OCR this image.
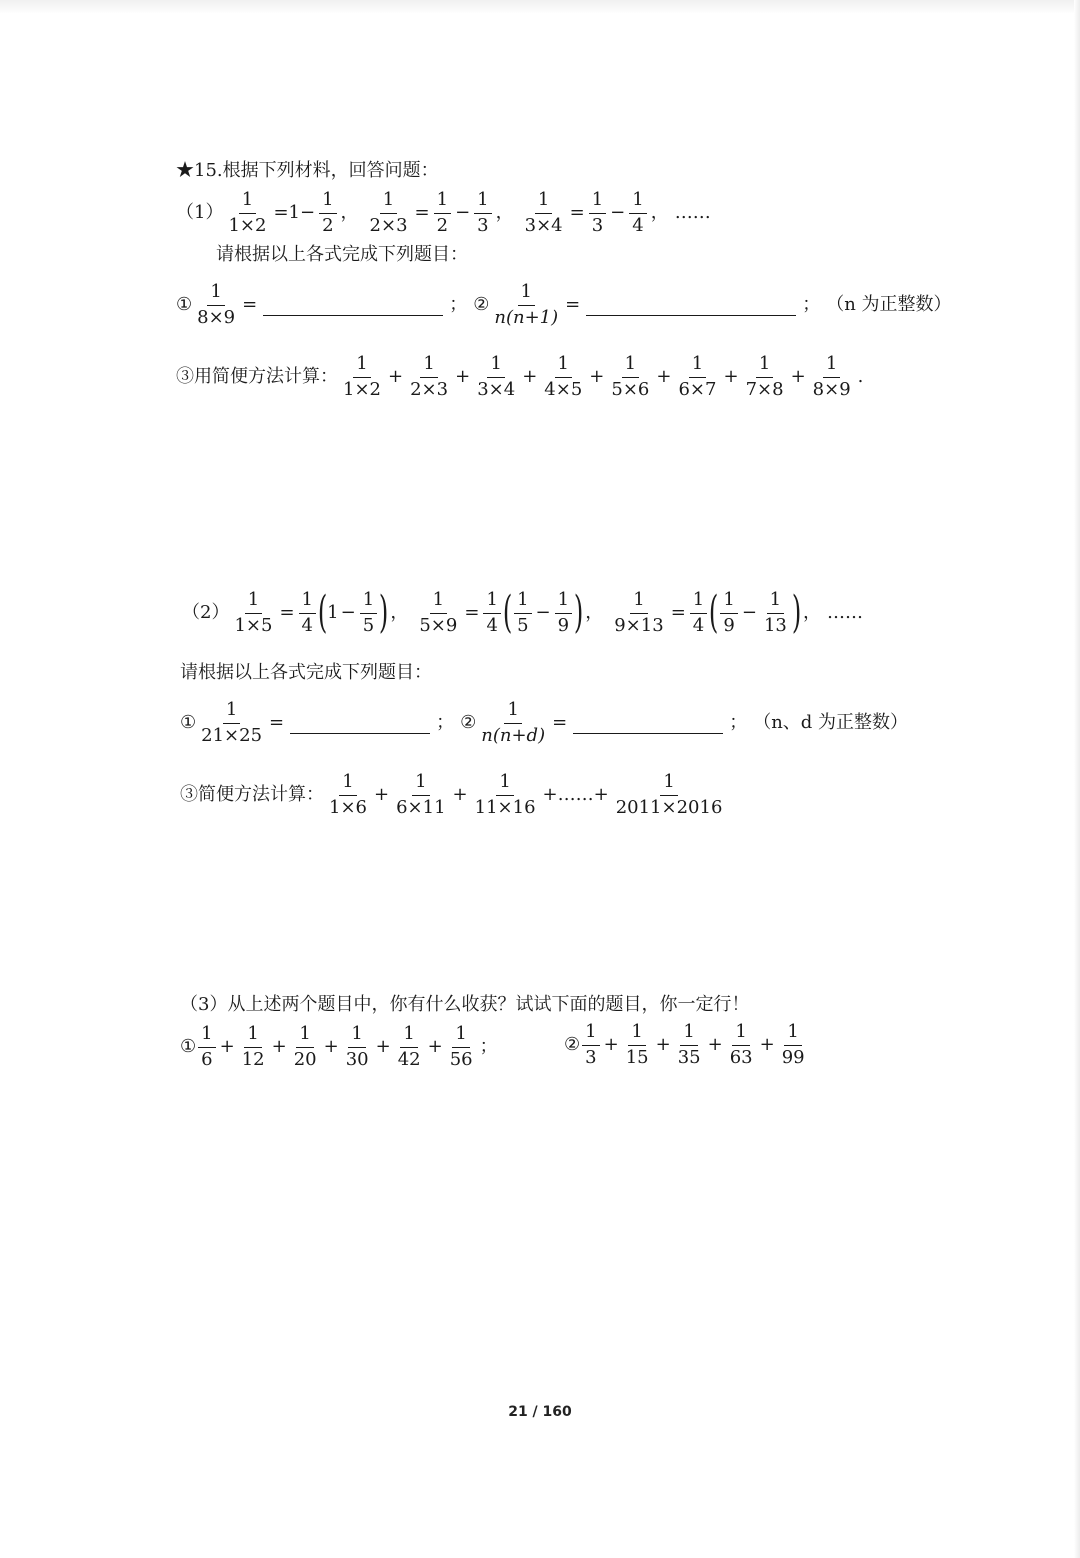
★15.根据下列材料，回答问题：
$(1) \frac{1}{1\times 2} =1- \frac{1}{2}$ ， $\frac{1}{2\times 3} = \frac{1}{2} - \frac{1}{3}$ ， $\frac{1}{3\times 4} = \frac{1}{3} - \frac{1}{4}$ ， ……
请根据以上各式完成下列题目：
① $\frac{1}{8\times 9}$ =	； ② $\frac{1}{n(n+1)}$ =	； （n 为正整数）
③用简便方法计算： $\frac{1}{1\times 2} + \frac{1}{2\times 3} + \frac{1}{3\times 4} + \frac{1}{4\times 5} + \frac{1}{5\times 6} + \frac{1}{6\times 7} + \frac{1}{7\times 8} + \frac{1}{8\times 9}$ .
$(2) \frac{1}{1\times 5} = \frac{1}{4}$ ( $1 - \frac{1}{5}$ ) ， $\frac{1}{5\times 9} = \frac{1}{4}$ ( $\frac{1}{5} - \frac{1}{9}$ ) ， $\frac{1}{9\times 13} = \frac{1}{4}$ ( $\frac{1}{9} - \frac{1}{13}$ ) ， ……
请根据以上各式完成下列题目：
① $\frac{1}{21\times 25}$ =	； ② $\frac{1}{n(n+d)}$ =	； （n、d 为正整数）
③简便方法计算： $\frac{1}{1\times 6} + \frac{1}{6\times 11} + \frac{1}{11\times 16}$ +……+ $\frac{1}{2011\times 2016}$
（3）从上述两个题目中，你有什么收获？试试下面的题目，你一定行！
① $\frac{1}{6} + \frac{1}{12} + \frac{1}{20} + \frac{1}{30} + \frac{1}{42} + \frac{1}{56}$ ；	② $\frac{1}{3} + \frac{1}{15} + \frac{1}{35} + \frac{1}{63} + \frac{1}{99}$
21 / 160
